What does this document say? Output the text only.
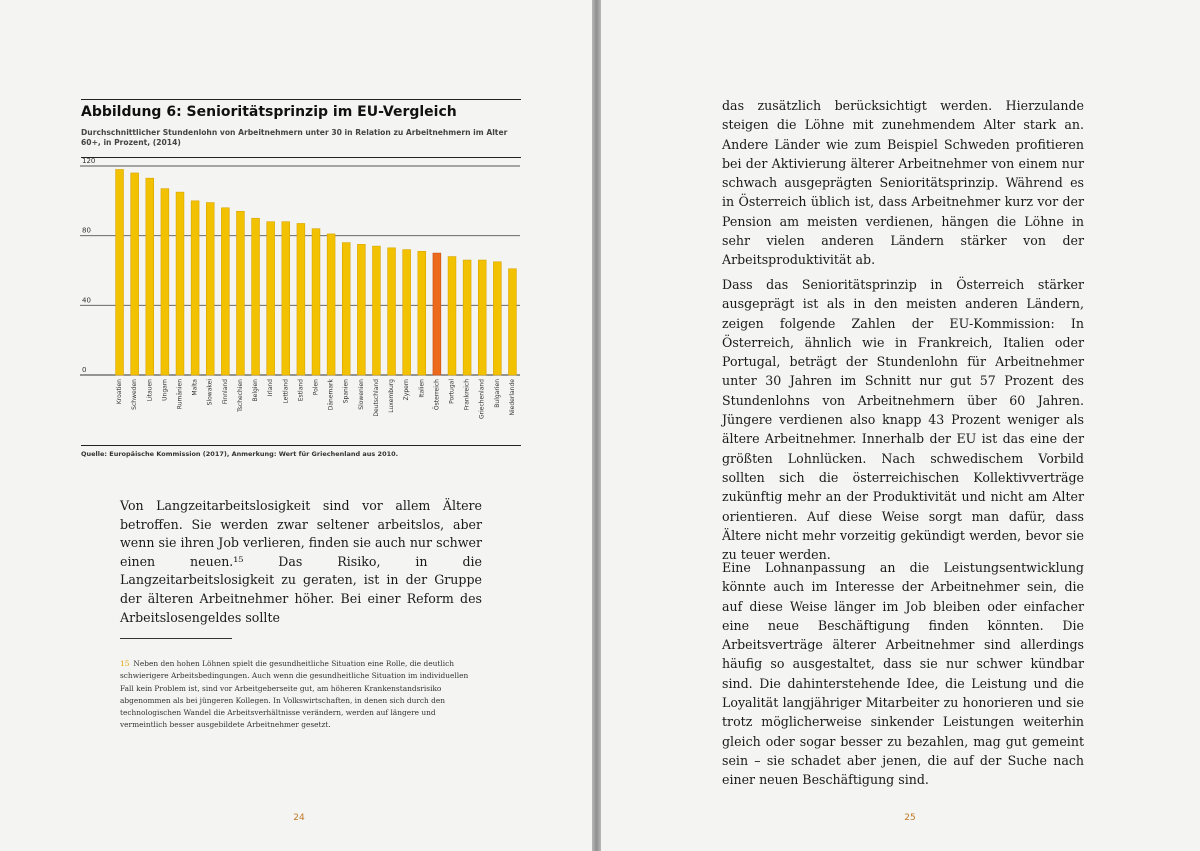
Abbildung 6: Senioritätsprinzip im EU-Vergleich
Durchschnittlicher Stundenlohn von Arbeitnehmern unter 30 in Relation zu Arbeitnehmern im Alter 60+, in Prozent, (2014)
0
40
80
120
Kroatien Schweden Litauen Ungarn Rumänien Malta Slowakei Finnland Tschechien Belgien Irland Lettland Estland Polen Dänemark Spanien Slowenien Deutschland Luxemburg Zypern Italien Österreich Portugal Frankreich Griechenland Bulgarien Niederlande
Quelle: Europäische Kommission (2017), Anmerkung: Wert für Griechenland aus 2010.
Von Langzeitarbeitslosigkeit sind vor allem Ältere betroffen. Sie werden zwar seltener arbeitslos, aber wenn sie ihren Job verlieren, finden sie auch nur schwer einen neuen.¹⁵ Das Risiko, in die Langzeitarbeitslosigkeit zu geraten, ist in der Gruppe der älteren Arbeitnehmer höher. Bei einer Reform des Arbeitslosengeldes sollte
15 Neben den hohen Löhnen spielt die gesundheitliche Situation eine Rolle, die deutlich schwierigere Arbeitsbedingungen. Auch wenn die gesundheitliche Situation im individuellen Fall kein Problem ist, sind vor Arbeitgeberseite gut, am höheren Krankenstandsrisiko abgenommen als bei jüngeren Kollegen. In Volkswirtschaften, in denen sich durch den technologischen Wandel die Arbeitsverhältnisse verändern, werden auf längere und vermeintlich besser ausgebildete Arbeitnehmer gesetzt.
24	25
das zusätzlich berücksichtigt werden. Hierzulande steigen die Löhne mit zunehmendem Alter stark an. Andere Länder wie zum Beispiel Schweden profitieren bei der Aktivierung älterer Arbeitnehmer von einem nur schwach ausgeprägten Senioritätsprinzip. Während es in Österreich üblich ist, dass Arbeitnehmer kurz vor der Pension am meisten verdienen, hängen die Löhne in sehr vielen anderen Ländern stärker von der Arbeitsproduktivität ab.
Dass das Senioritätsprinzip in Österreich stärker ausgeprägt ist als in den meisten anderen Ländern, zeigen folgende Zahlen der EU-Kommission: In Österreich, ähnlich wie in Frankreich, Italien oder Portugal, beträgt der Stundenlohn für Arbeitnehmer unter 30 Jahren im Schnitt nur gut 57 Prozent des Stundenlohns von Arbeitnehmern über 60 Jahren. Jüngere verdienen also knapp 43 Prozent weniger als ältere Arbeitnehmer. Innerhalb der EU ist das eine der größten Lohnlücken. Nach schwedischem Vorbild sollten sich die österreichischen Kollektivverträge zukünftig mehr an der Produktivität und nicht am Alter orientieren. Auf diese Weise sorgt man dafür, dass Ältere nicht mehr vorzeitig gekündigt werden, bevor sie zu teuer werden.
Eine Lohnanpassung an die Leistungsentwicklung könnte auch im Interesse der Arbeitnehmer sein, die auf diese Weise länger im Job bleiben oder einfacher eine neue Beschäftigung finden könnten. Die Arbeitsverträge älterer Arbeitnehmer sind allerdings häufig so ausgestaltet, dass sie nur schwer kündbar sind. Die dahinterstehende Idee, die Leistung und die Loyalität langjähriger Mitarbeiter zu honorieren und sie trotz möglicherweise sinkender Leistungen weiterhin gleich oder sogar besser zu bezahlen, mag gut gemeint sein – sie schadet aber jenen, die auf der Suche nach einer neuen Beschäftigung sind.
